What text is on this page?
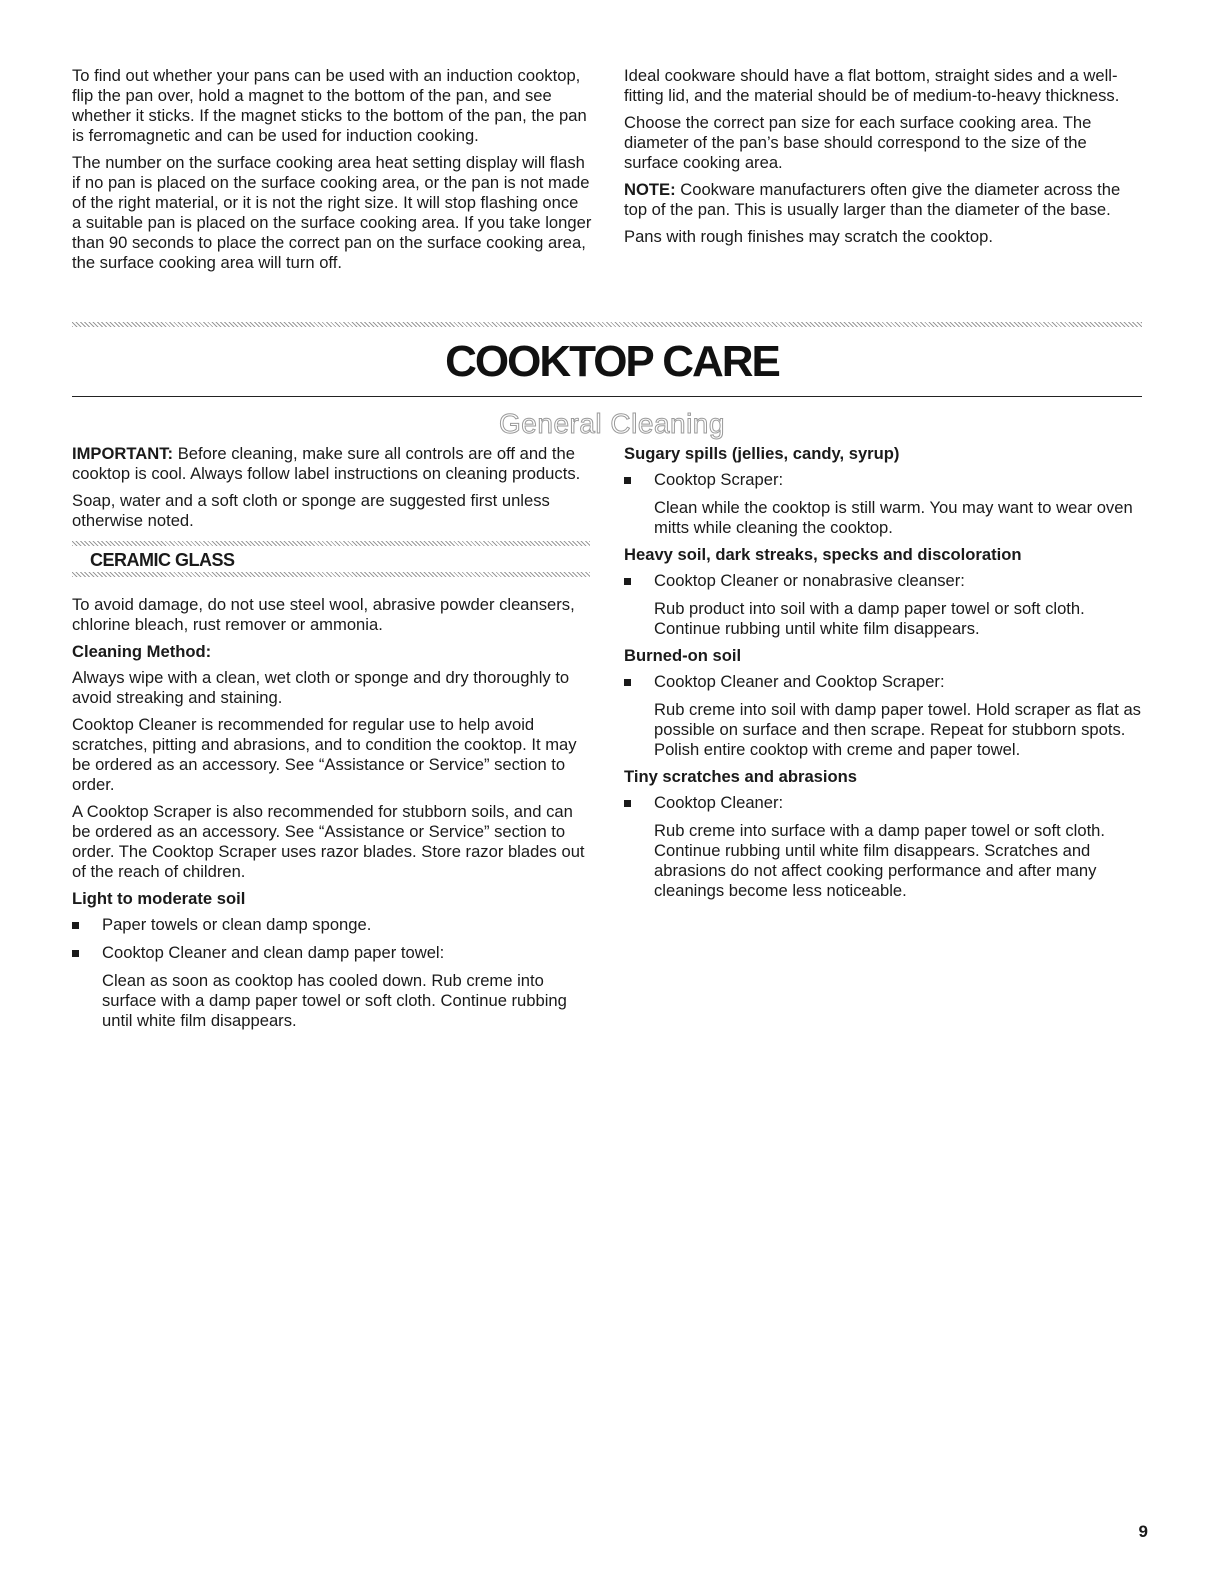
To find out whether your pans can be used with an induction cooktop, flip the pan over, hold a magnet to the bottom of the pan, and see whether it sticks. If the magnet sticks to the bottom of the pan, the pan is ferromagnetic and can be used for induction cooking.

The number on the surface cooking area heat setting display will flash if no pan is placed on the surface cooking area, or the pan is not made of the right material, or it is not the right size. It will stop flashing once a suitable pan is placed on the surface cooking area. If you take longer than 90 seconds to place the correct pan on the surface cooking area, the surface cooking area will turn off.

Ideal cookware should have a flat bottom, straight sides and a well-fitting lid, and the material should be of medium-to-heavy thickness.

Choose the correct pan size for each surface cooking area. The diameter of the pan’s base should correspond to the size of the surface cooking area.

NOTE: Cookware manufacturers often give the diameter across the top of the pan. This is usually larger than the diameter of the base.

Pans with rough finishes may scratch the cooktop.

COOKTOP CARE
General Cleaning

IMPORTANT: Before cleaning, make sure all controls are off and the cooktop is cool. Always follow label instructions on cleaning products.

Soap, water and a soft cloth or sponge are suggested first unless otherwise noted.

CERAMIC GLASS

To avoid damage, do not use steel wool, abrasive powder cleansers, chlorine bleach, rust remover or ammonia.

Cleaning Method:

Always wipe with a clean, wet cloth or sponge and dry thoroughly to avoid streaking and staining.

Cooktop Cleaner is recommended for regular use to help avoid scratches, pitting and abrasions, and to condition the cooktop. It may be ordered as an accessory. See “Assistance or Service” section to order.

A Cooktop Scraper is also recommended for stubborn soils, and can be ordered as an accessory. See “Assistance or Service” section to order. The Cooktop Scraper uses razor blades. Store razor blades out of the reach of children.

Light to moderate soil
Paper towels or clean damp sponge.
Cooktop Cleaner and clean damp paper towel:

Clean as soon as cooktop has cooled down. Rub creme into surface with a damp paper towel or soft cloth. Continue rubbing until white film disappears.

Sugary spills (jellies, candy, syrup)
Cooktop Scraper:

Clean while the cooktop is still warm. You may want to wear oven mitts while cleaning the cooktop.

Heavy soil, dark streaks, specks and discoloration
Cooktop Cleaner or nonabrasive cleanser:

Rub product into soil with a damp paper towel or soft cloth. Continue rubbing until white film disappears.

Burned-on soil
Cooktop Cleaner and Cooktop Scraper:

Rub creme into soil with damp paper towel. Hold scraper as flat as possible on surface and then scrape. Repeat for stubborn spots. Polish entire cooktop with creme and paper towel.

Tiny scratches and abrasions
Cooktop Cleaner:

Rub creme into surface with a damp paper towel or soft cloth. Continue rubbing until white film disappears. Scratches and abrasions do not affect cooking performance and after many cleanings become less noticeable.

9
